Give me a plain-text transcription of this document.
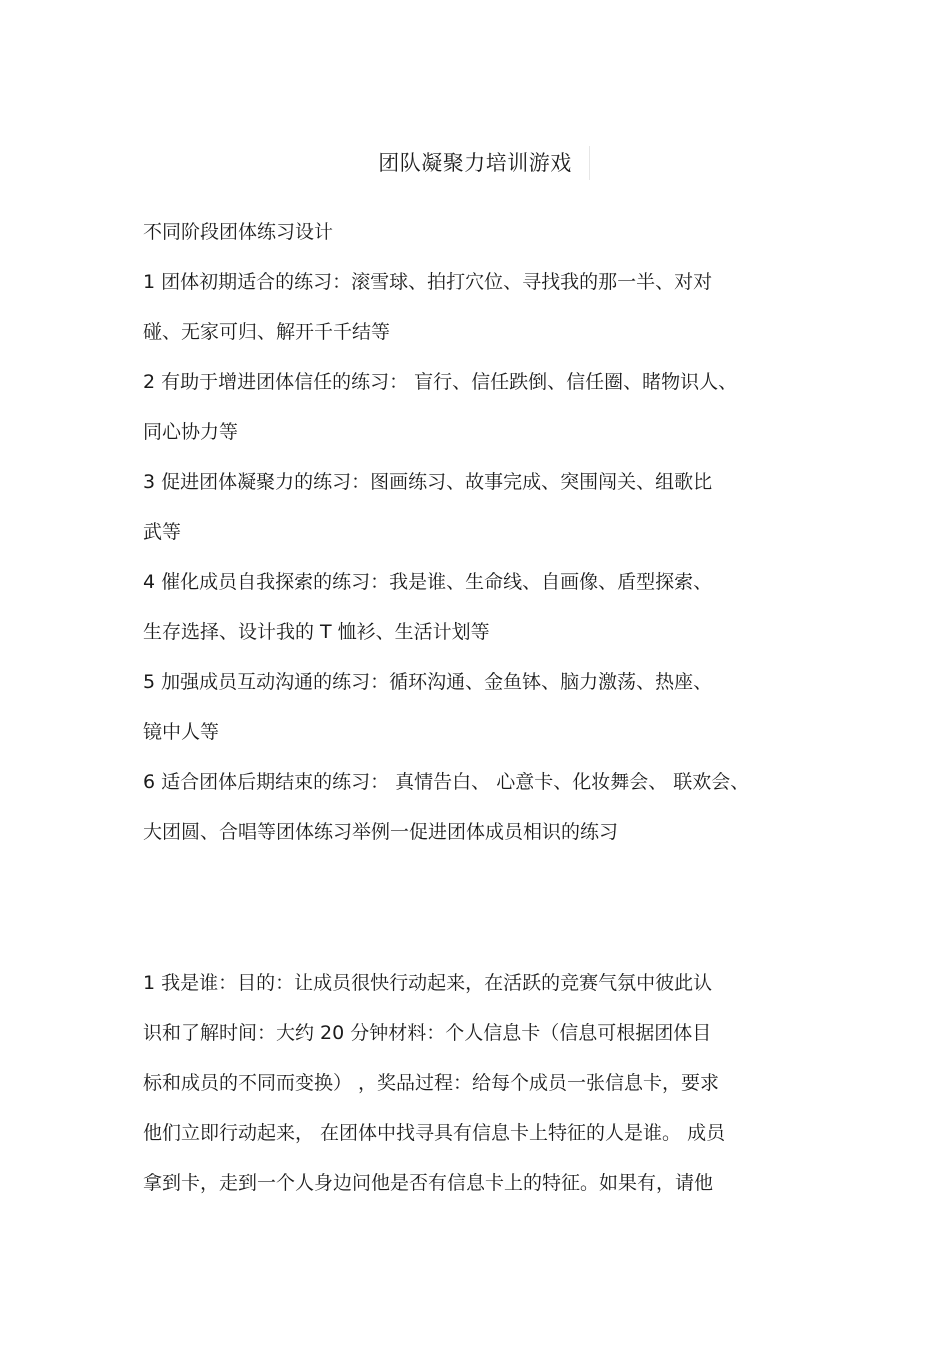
团队凝聚力培训游戏
不同阶段团体练习设计
1 团体初期适合的练习：滚雪球、拍打穴位、寻找我的那一半、对对
碰、无家可归、解开千千结等
2 有助于增进团体信任的练习： 盲行、信任跌倒、信任圈、睹物识人、
同心协力等
3 促进团体凝聚力的练习：图画练习、故事完成、突围闯关、组歌比
武等
4 催化成员自我探索的练习：我是谁、生命线、自画像、盾型探索、
生存选择、设计我的 T 恤衫、生活计划等
5 加强成员互动沟通的练习：循环沟通、金鱼钵、脑力激荡、热座、
镜中人等
6 适合团体后期结束的练习： 真情告白、 心意卡、化妆舞会、 联欢会、
大团圆、合唱等团体练习举例一促进团体成员相识的练习
1 我是谁：目的：让成员很快行动起来，在活跃的竞赛气氛中彼此认
识和了解时间：大约 20 分钟材料：个人信息卡（信息可根据团体目
标和成员的不同而变换） ，奖品过程：给每个成员一张信息卡，要求
他们立即行动起来， 在团体中找寻具有信息卡上特征的人是谁。 成员
拿到卡，走到一个人身边问他是否有信息卡上的特征。如果有，请他
